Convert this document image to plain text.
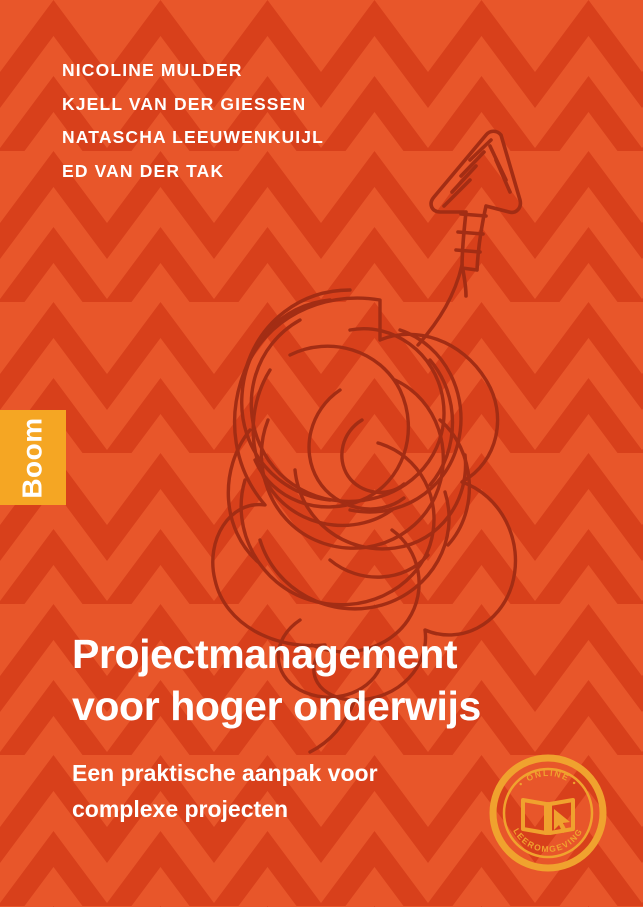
NICOLINE MULDER
KJELL VAN DER GIESSEN
NATASCHA LEEUWENKUIJL
ED VAN DER TAK
Boom
Projectmanagement
voor hoger onderwijs
Een praktische aanpak voor
complexe projecten
• ONLINE •
LEEROMGEVING
